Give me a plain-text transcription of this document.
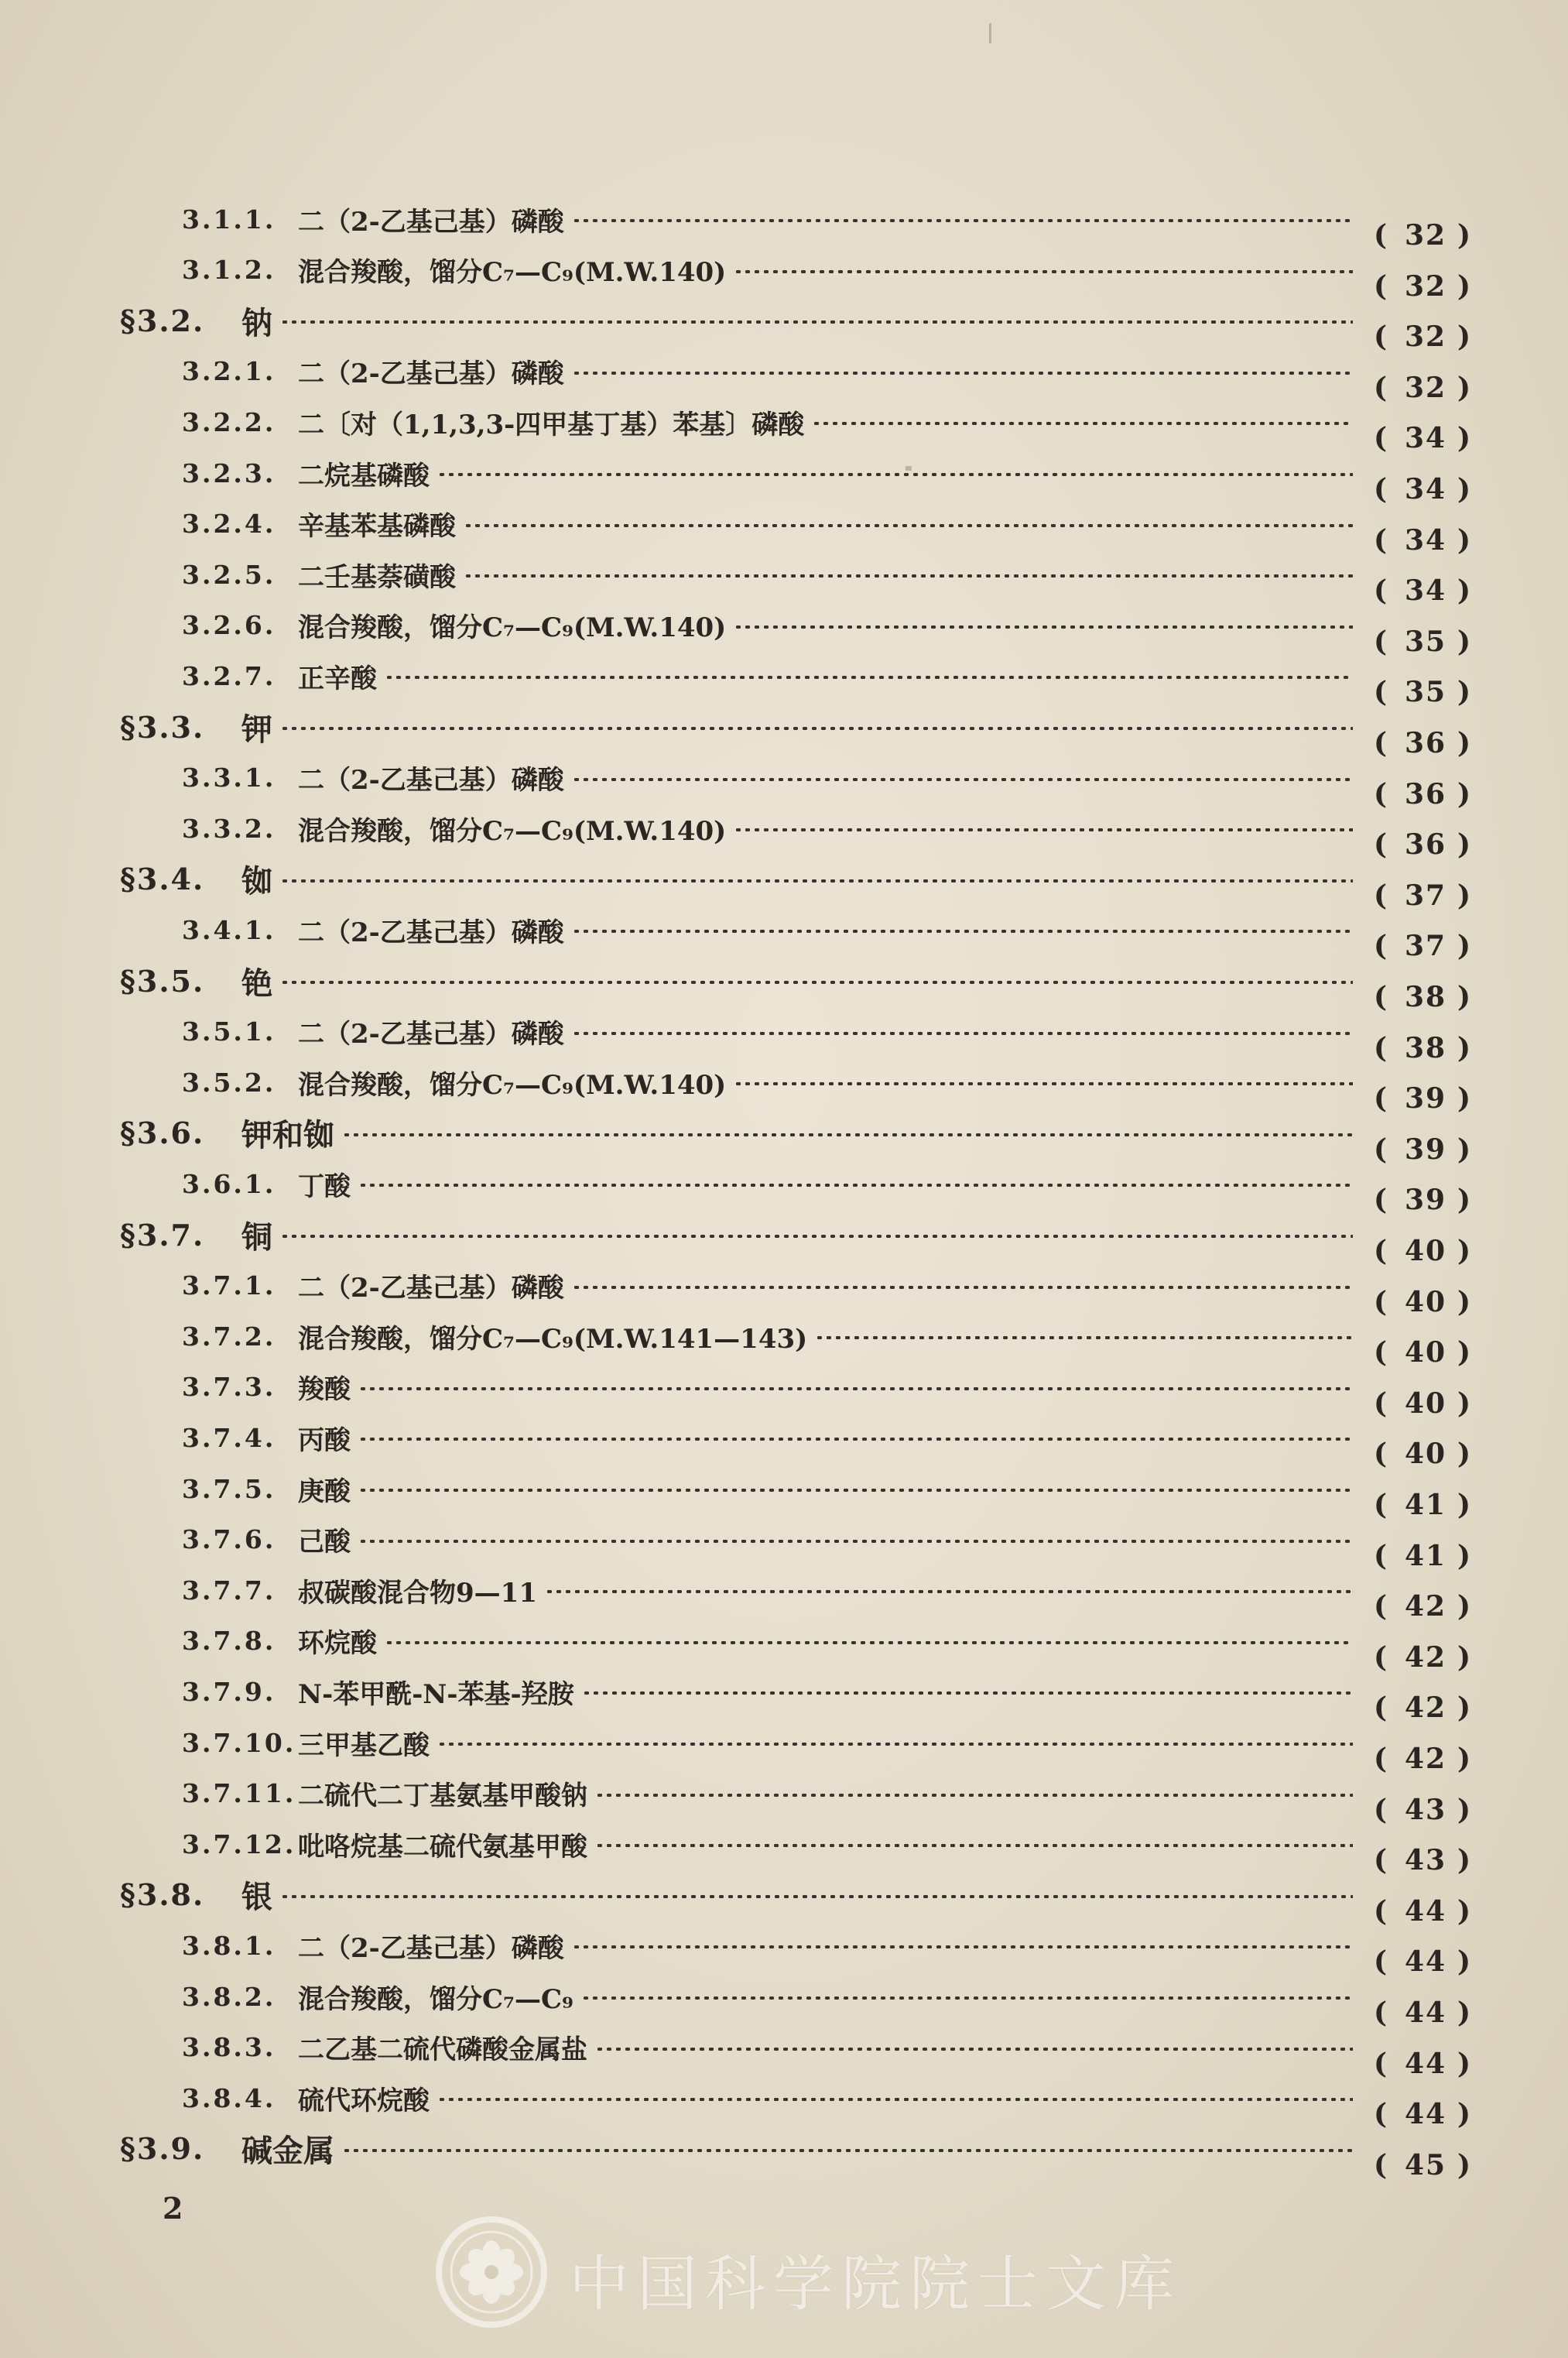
3.1.1. 二（2-乙基己基）磷酸	( 32 )
3.1.2. 混合羧酸，馏分C₇—C₉(M.W.140)	( 32 )
§3.2. 钠	( 32 )
3.2.1. 二（2-乙基己基）磷酸	( 32 )
3.2.2. 二〔对（1,1,3,3-四甲基丁基）苯基〕磷酸	( 34 )
3.2.3. 二烷基磷酸	( 34 )
3.2.4. 辛基苯基磷酸	( 34 )
3.2.5. 二壬基萘磺酸	( 34 )
3.2.6. 混合羧酸，馏分C₇—C₉(M.W.140)	( 35 )
3.2.7. 正辛酸	( 35 )
§3.3. 钾	( 36 )
3.3.1. 二（2-乙基己基）磷酸	( 36 )
3.3.2. 混合羧酸，馏分C₇—C₉(M.W.140)	( 36 )
§3.4. 铷	( 37 )
3.4.1. 二（2-乙基己基）磷酸	( 37 )
§3.5. 铯	( 38 )
3.5.1. 二（2-乙基己基）磷酸	( 38 )
3.5.2. 混合羧酸，馏分C₇—C₉(M.W.140)	( 39 )
§3.6. 钾和铷	( 39 )
3.6.1. 丁酸	( 39 )
§3.7. 铜	( 40 )
3.7.1. 二（2-乙基己基）磷酸	( 40 )
3.7.2. 混合羧酸，馏分C₇—C₉(M.W.141—143)	( 40 )
3.7.3. 羧酸	( 40 )
3.7.4. 丙酸	( 40 )
3.7.5. 庚酸	( 41 )
3.7.6. 己酸	( 41 )
3.7.7. 叔碳酸混合物9—11	( 42 )
3.7.8. 环烷酸	( 42 )
3.7.9. N-苯甲酰-N-苯基-羟胺	( 42 )
3.7.10. 三甲基乙酸	( 42 )
3.7.11. 二硫代二丁基氨基甲酸钠	( 43 )
3.7.12. 吡咯烷基二硫代氨基甲酸	( 43 )
§3.8. 银	( 44 )
3.8.1. 二（2-乙基己基）磷酸	( 44 )
3.8.2. 混合羧酸，馏分C₇—C₉	( 44 )
3.8.3. 二乙基二硫代磷酸金属盐	( 44 )
3.8.4. 硫代环烷酸	( 44 )
§3.9. 碱金属	( 45 )
2
中国科学院院士文库
